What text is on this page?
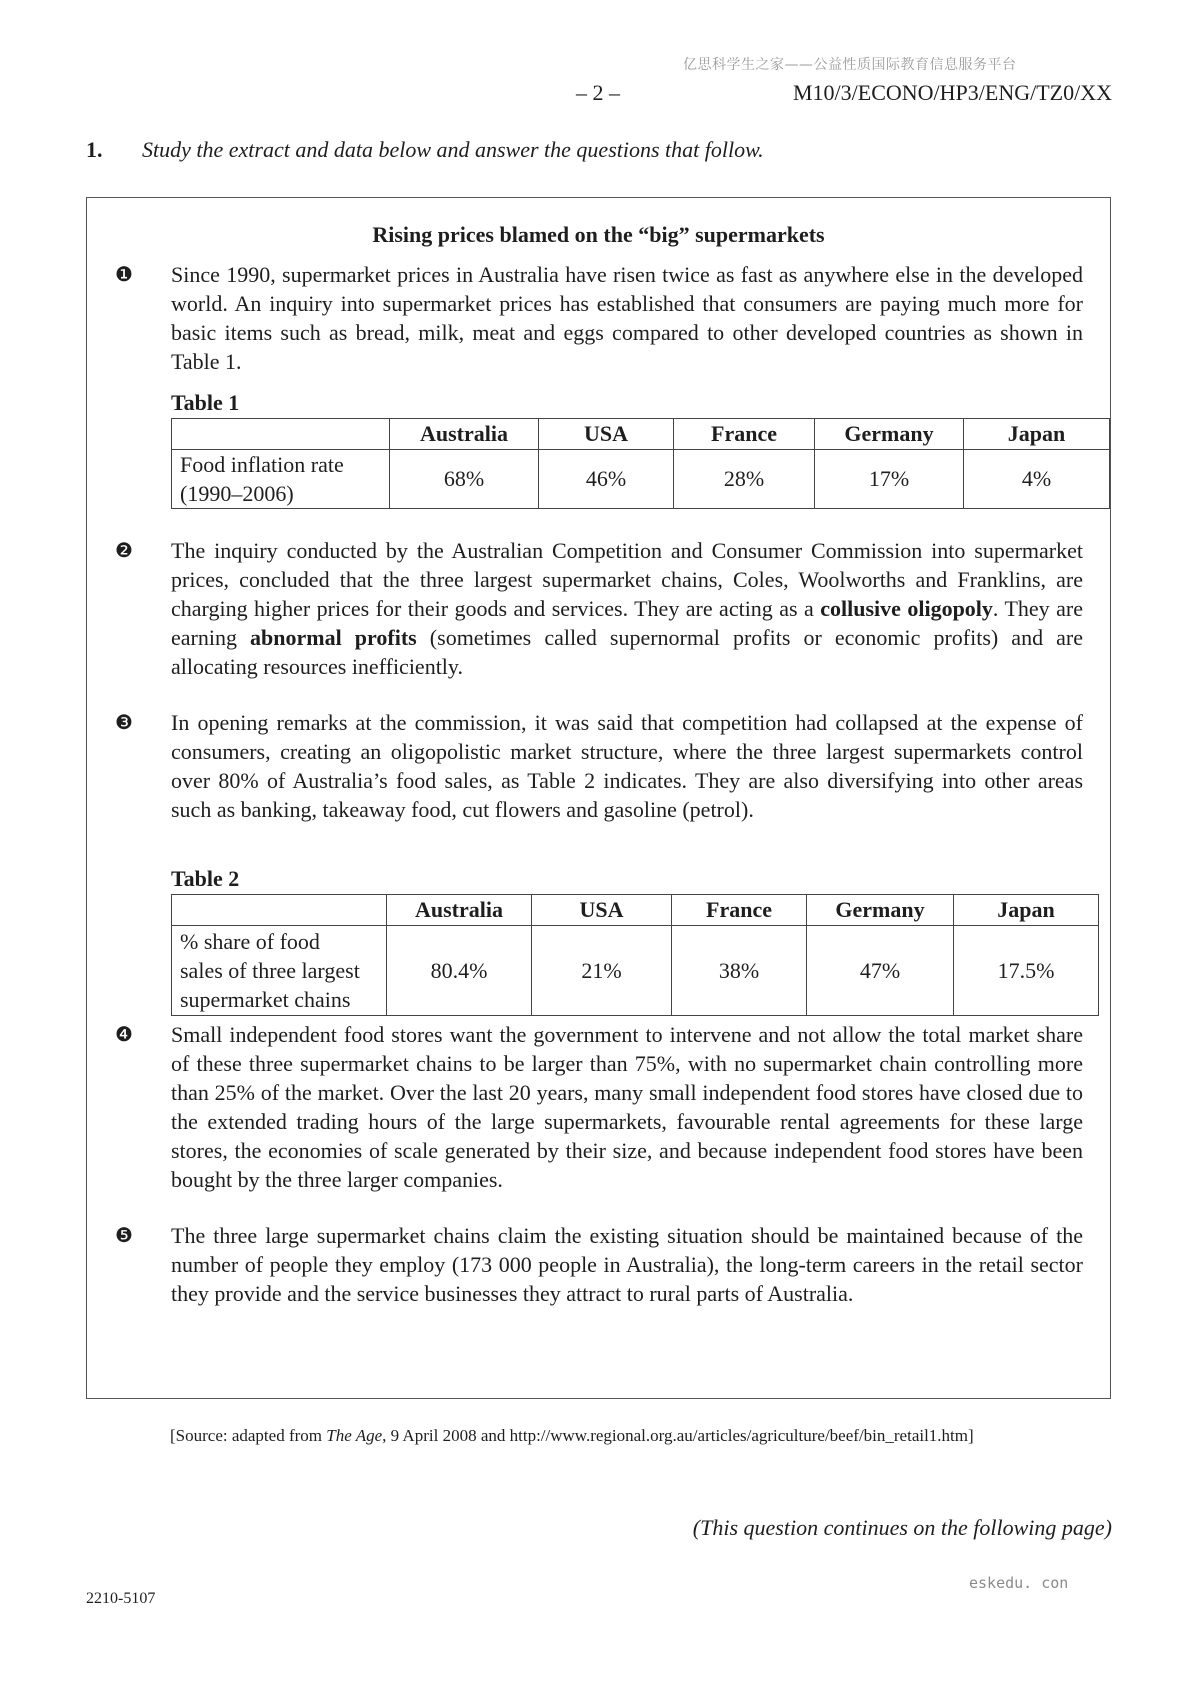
亿思科学生之家——公益性质国际教育信息服务平台
– 2 –	M10/3/ECONO/HP3/ENG/TZ0/XX
1. Study the extract and data below and answer the questions that follow.
Rising prices blamed on the “big” supermarkets
❶ Since 1990, supermarket prices in Australia have risen twice as fast as anywhere else in the developed world. An inquiry into supermarket prices has established that consumers are paying much more for basic items such as bread, milk, meat and eggs compared to other developed countries as shown in Table 1.
Table 1
	Australia	USA	France	Germany	Japan
Food inflation rate
(1990–2006)	68%	46%	28%	17%	4%
❷ The inquiry conducted by the Australian Competition and Consumer Commission into supermarket prices, concluded that the three largest supermarket chains, Coles, Woolworths and Franklins, are charging higher prices for their goods and services. They are acting as a collusive oligopoly. They are earning abnormal profits (sometimes called supernormal profits or economic profits) and are allocating resources inefficiently.
❸ In opening remarks at the commission, it was said that competition had collapsed at the expense of consumers, creating an oligopolistic market structure, where the three largest supermarkets control over 80% of Australia’s food sales, as Table 2 indicates. They are also diversifying into other areas such as banking, takeaway food, cut flowers and gasoline (petrol).
Table 2
	Australia	USA	France	Germany	Japan
% share of food
sales of three largest
supermarket chains	80.4%	21%	38%	47%	17.5%
❹ Small independent food stores want the government to intervene and not allow the total market share of these three supermarket chains to be larger than 75%, with no supermarket chain controlling more than 25% of the market. Over the last 20 years, many small independent food stores have closed due to the extended trading hours of the large supermarkets, favourable rental agreements for these large stores, the economies of scale generated by their size, and because independent food stores have been bought by the three larger companies.
❺ The three large supermarket chains claim the existing situation should be maintained because of the number of people they employ (173 000 people in Australia), the long-term careers in the retail sector they provide and the service businesses they attract to rural parts of Australia.
[Source: adapted from The Age, 9 April 2008 and http://www.regional.org.au/articles/agriculture/beef/bin_retail1.htm]
(This question continues on the following page)
2210-5107
eskedu. con
